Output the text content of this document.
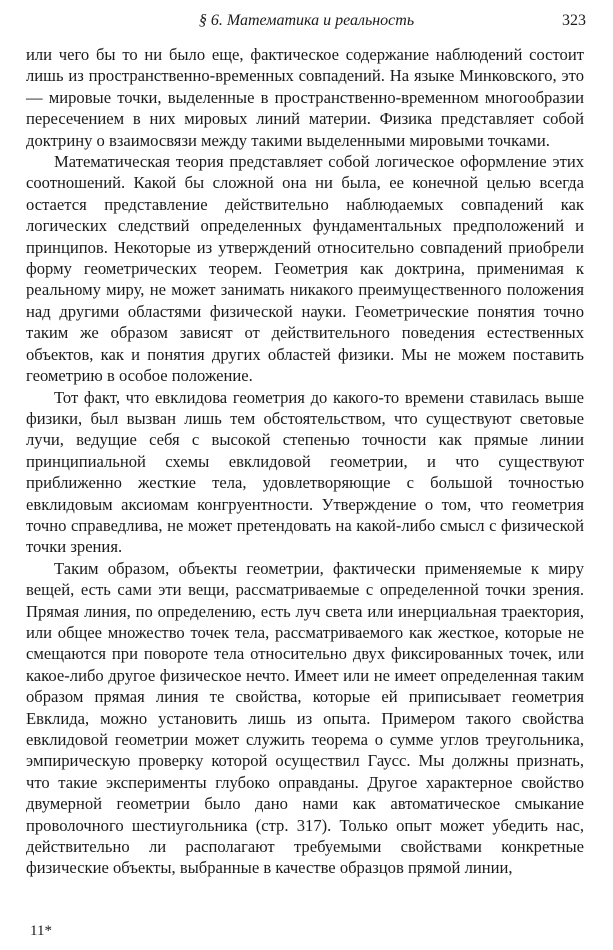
§ 6. Математика и реальность	323

или чего бы то ни было еще, фактическое содержание наблюдений состоит лишь из пространственно-временных совпадений. На языке Минковского, это — мировые точки, выделенные в пространственно-временном многообразии пересечением в них мировых линий материи. Физика представляет собой доктрину о взаимосвязи между такими выделенными мировыми точками.

Математическая теория представляет собой логическое оформление этих соотношений. Какой бы сложной она ни была, ее конечной целью всегда остается представление действительно наблюдаемых совпадений как логических следствий определенных фундаментальных предположений и принципов. Некоторые из утверждений относительно совпадений приобрели форму геометрических теорем. Геометрия как доктрина, применимая к реальному миру, не может занимать никакого преимущественного положения над другими областями физической науки. Геометрические понятия точно таким же образом зависят от действительного поведения естественных объектов, как и понятия других областей физики. Мы не можем поставить геометрию в особое положение.

Тот факт, что евклидова геометрия до какого-то времени ставилась выше физики, был вызван лишь тем обстоятельством, что существуют световые лучи, ведущие себя с высокой степенью точности как прямые линии принципиальной схемы евклидовой геометрии, и что существуют приближенно жесткие тела, удовлетворяющие с большой точностью евклидовым аксиомам конгруентности. Утверждение о том, что геометрия точно справедлива, не может претендовать на какой-либо смысл с физической точки зрения.

Таким образом, объекты геометрии, фактически применяемые к миру вещей, есть сами эти вещи, рассматриваемые с определенной точки зрения. Прямая линия, по определению, есть луч света или инерциальная траектория, или общее множество точек тела, рассматриваемого как жесткое, которые не смещаются при повороте тела относительно двух фиксированных точек, или какое-либо другое физическое нечто. Имеет или не имеет определенная таким образом прямая линия те свойства, которые ей приписывает геометрия Евклида, можно установить лишь из опыта. Примером такого свойства евклидовой геометрии может служить теорема о сумме углов треугольника, эмпирическую проверку которой осуществил Гаусс. Мы должны признать, что такие эксперименты глубоко оправданы. Другое характерное свойство двумерной геометрии было дано нами как автоматическое смыкание проволочного шестиугольника (стр. 317). Только опыт может убедить нас, действительно ли располагают требуемыми свойствами конкретные физические объекты, выбранные в качестве образцов прямой линии,

11*
